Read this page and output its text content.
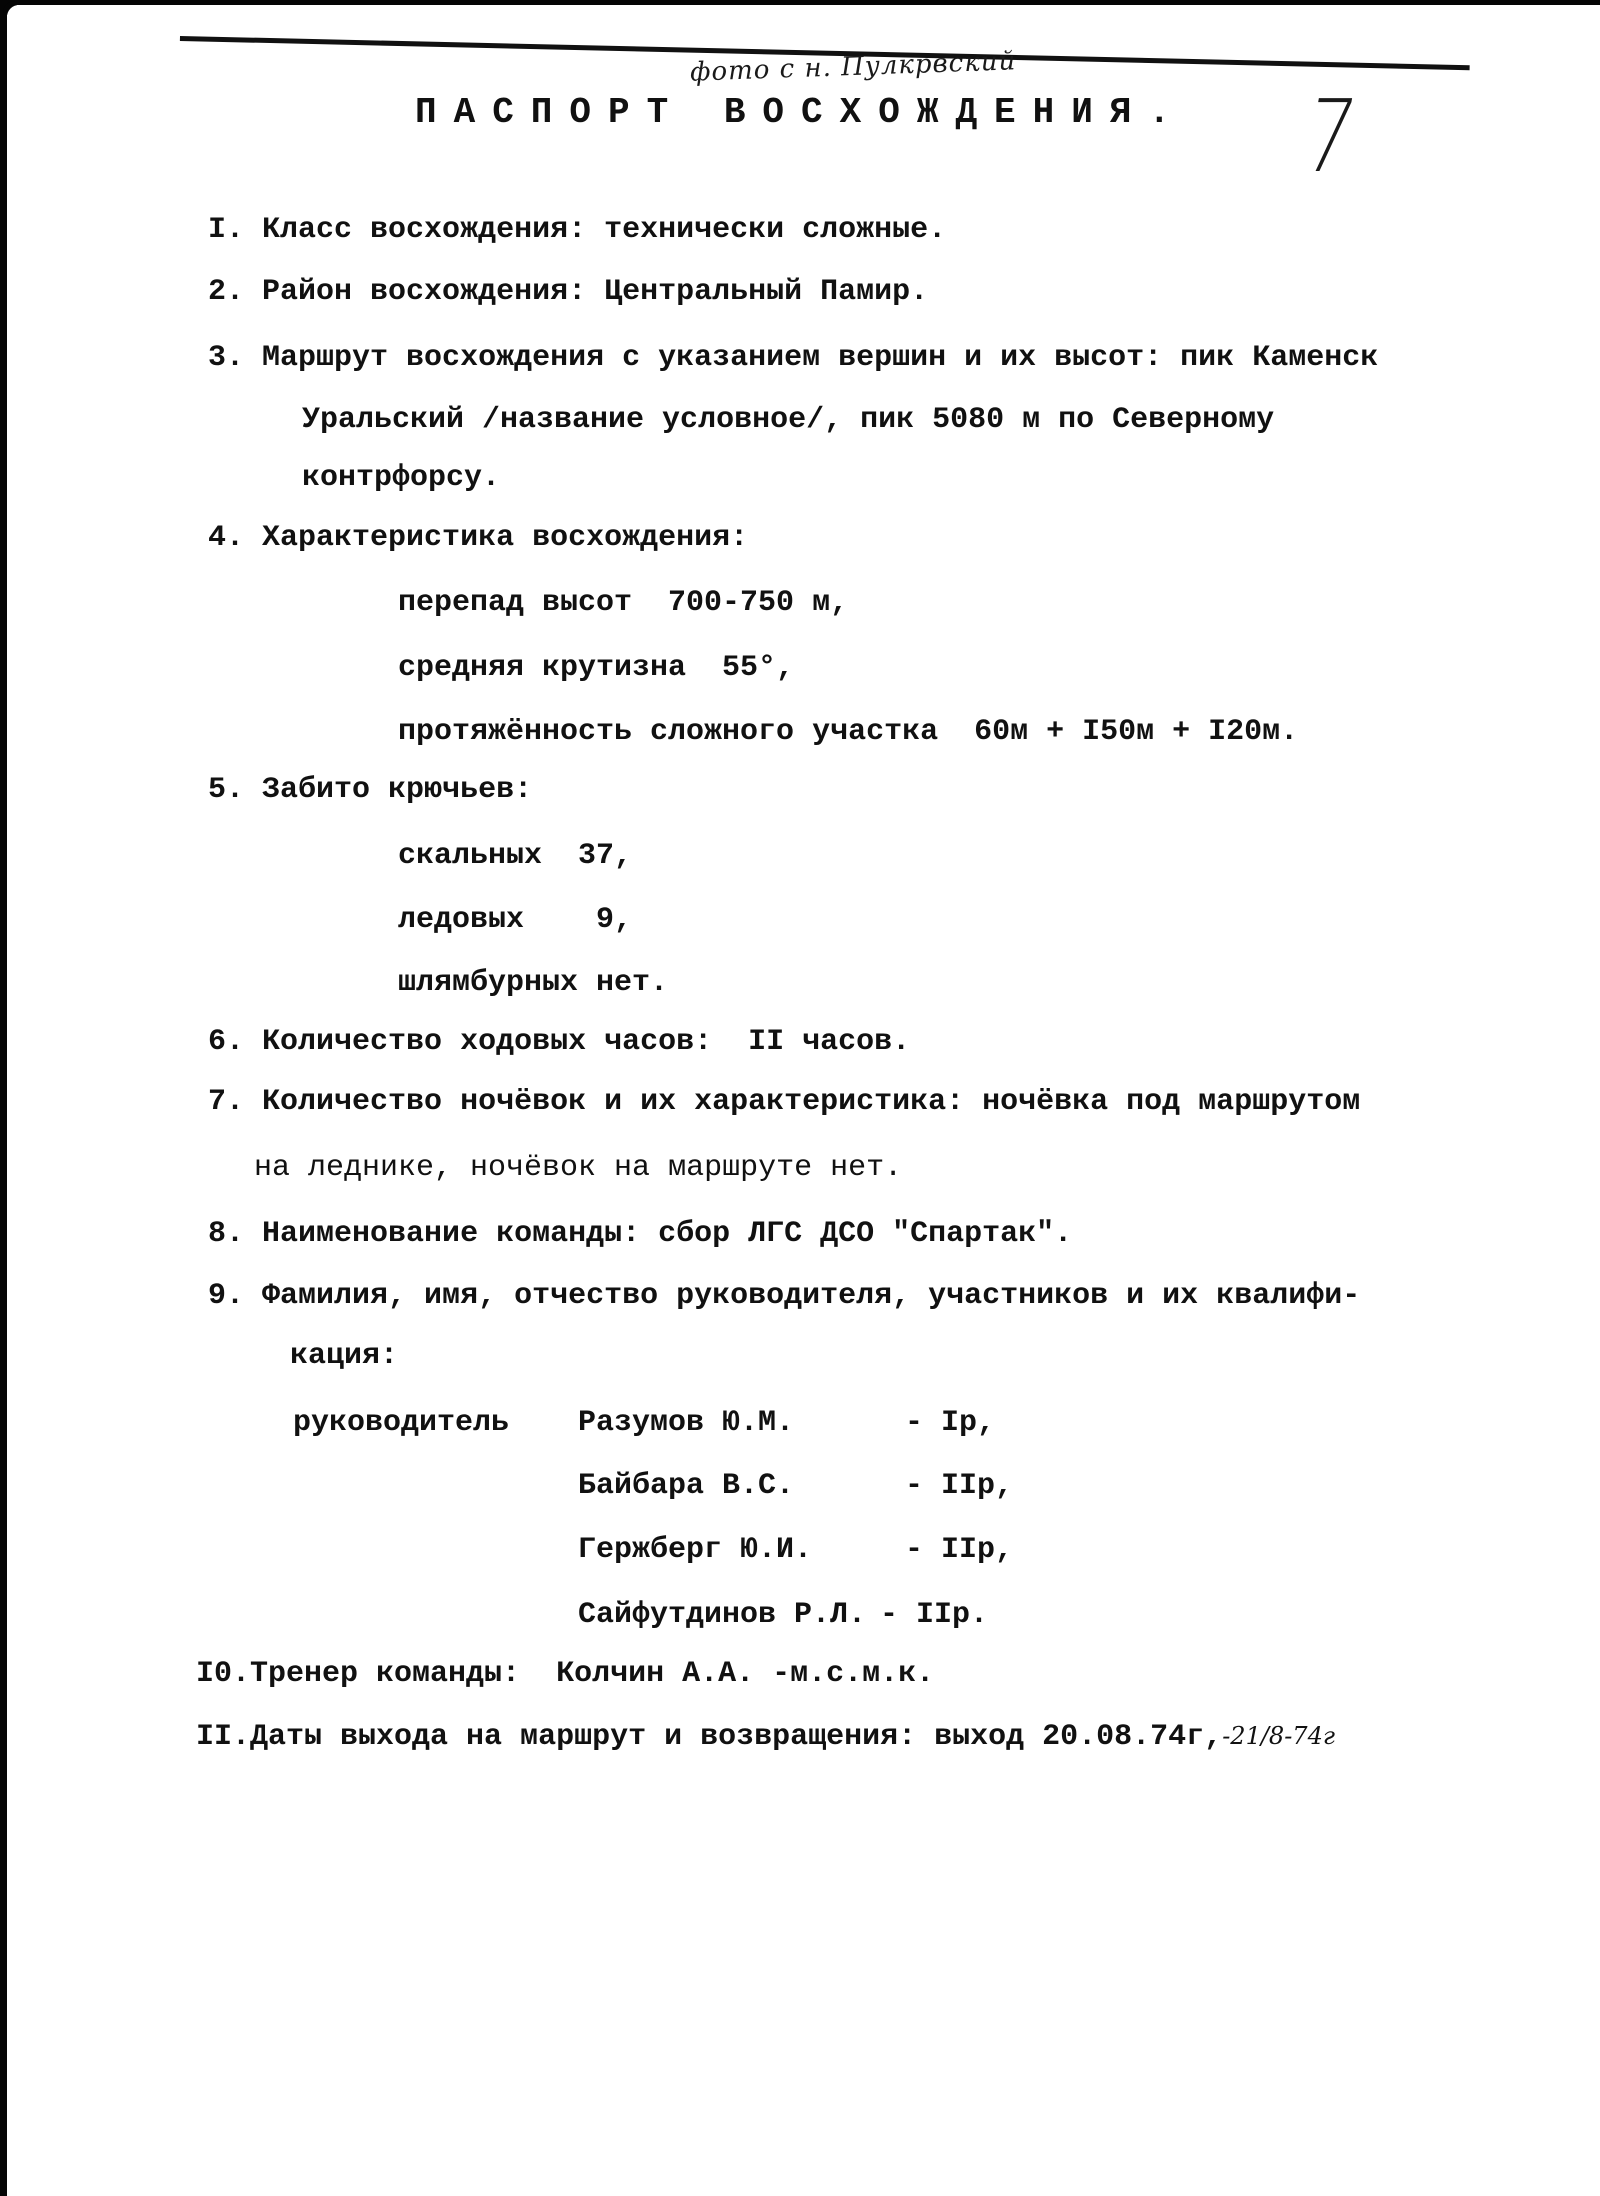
фото с н. Пулкрвский
ПАСПОРТ ВОСХОЖДЕНИЯ. 7
I. Класс восхождения: технически сложные.
2. Район восхождения: Центральный Памир.
3. Маршрут восхождения с указанием вершин и их высот: пик Каменск
Уральский /название условное/, пик 5080 м по Северному
контрфорсу.
4. Характеристика восхождения:
перепад высот  700-750 м,
средняя крутизна  55°,
протяжённость сложного участка  60м + I50м + I20м.
5. Забито крючьев:
скальных  37,
ледовых    9,
шлямбурных нет.
6. Количество ходовых часов:  II часов.
7. Количество ночёвок и их характеристика: ночёвка под маршрутом
на леднике, ночёвок на маршруте нет.
8. Наименование команды: сбор ЛГС ДСО "Спартак".
9. Фамилия, имя, отчество руководителя, участников и их квалифи-
кация:
руководитель Разумов Ю.М.	- Iр,
Байбара В.С.	- IIр,
Гержберг Ю.И.	- IIр,
Сайфутдинов Р.Л. - IIр.
I0.Тренер команды:  Колчин А.А. -м.с.м.к.
II.Даты выхода на маршрут и возвращения: выход 20.08.74г,-21/8-74г
